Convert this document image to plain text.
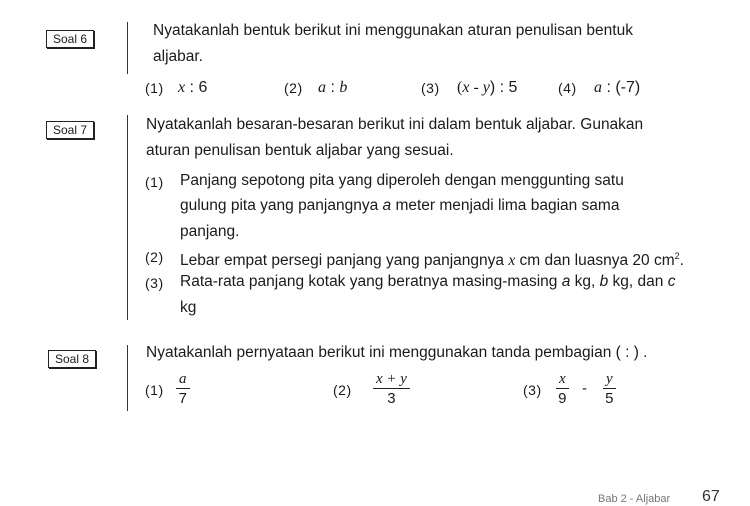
Soal 6	Nyatakanlah bentuk berikut ini menggunakan aturan penulisan bentuk
aljabar.
(1) x : 6	(2) a : b	(3) (x - y) : 5	(4) a : (-7)
Soal 7	Nyatakanlah besaran-besaran berikut ini dalam bentuk aljabar. Gunakan
aturan penulisan bentuk aljabar yang sesuai.
(1) Panjang sepotong pita yang diperoleh dengan menggunting satu
gulung pita yang panjangnya a meter menjadi lima bagian sama
panjang.
(2) Lebar empat persegi panjang yang panjangnya x cm dan luasnya 20 $cm^2$.
(3) Rata-rata panjang kotak yang beratnya masing-masing a kg, b kg, dan c
kg
Soal 8	Nyatakanlah pernyataan berikut ini menggunakan tanda pembagian ( : ) .
(1)
a
7	(2)
x + y
3	(3)
x
9
-
y
5
Bab 2 - Aljabar 67
